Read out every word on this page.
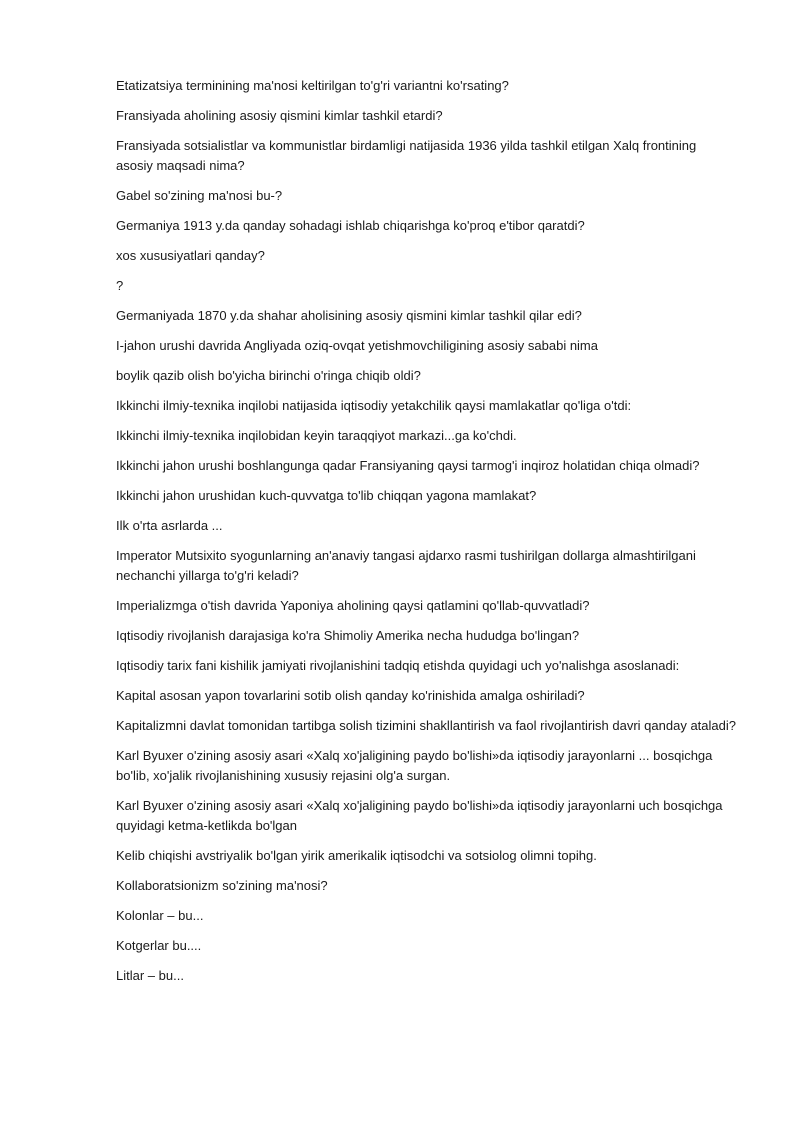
Etatizatsiya terminining ma'nosi keltirilgan to'g'ri variantni ko'rsating?

Fransiyada aholining asosiy qismini kimlar tashkil etardi?

Fransiyada sotsialistlar va kommunistlar birdamligi natijasida 1936 yilda tashkil etilgan Xalq frontining asosiy maqsadi nima?

Gabel so'zining ma'nosi bu-?

Germaniya 1913 y.da qanday sohadagi ishlab chiqarishga ko'proq e'tibor qaratdi?

xos xususiyatlari qanday?

?

Germaniyada 1870 y.da shahar aholisining asosiy qismini kimlar tashkil qilar edi?

I-jahon urushi davrida Angliyada oziq-ovqat yetishmovchiligining asosiy sababi nima

boylik qazib olish bo'yicha birinchi o'ringa chiqib oldi?

Ikkinchi ilmiy-texnika inqilobi natijasida iqtisodiy yetakchilik qaysi mamlakatlar qo'liga o'tdi:

Ikkinchi ilmiy-texnika inqilobidan keyin taraqqiyot markazi...ga ko'chdi.

Ikkinchi jahon urushi boshlangunga qadar Fransiyaning qaysi tarmog'i inqiroz holatidan chiqa olmadi?

Ikkinchi jahon urushidan kuch-quvvatga to'lib chiqqan yagona mamlakat?

Ilk o'rta asrlarda ...

Imperator Mutsixito syogunlarning an'anaviy tangasi ajdarxo rasmi tushirilgan dollarga almashtirilgani nechanchi yillarga to'g'ri keladi?

Imperializmga o'tish davrida Yaponiya aholining qaysi qatlamini qo'llab-quvvatladi?

Iqtisodiy rivojlanish darajasiga ko'ra Shimoliy Amerika necha hududga bo'lingan?

Iqtisodiy tarix fani kishilik jamiyati rivojlanishini tadqiq etishda quyidagi uch yo'nalishga asoslanadi:

Kapital asosan yapon tovarlarini sotib olish qanday ko'rinishida amalga oshiriladi?

Kapitalizmni davlat tomonidan tartibga solish tizimini shakllantirish va faol rivojlantirish davri qanday ataladi?

Karl Byuxer o'zining asosiy asari «Xalq xo'jaligining paydo bo'lishi»da iqtisodiy jarayonlarni ... bosqichga bo'lib, xo'jalik rivojlanishining xususiy rejasini olg'a surgan.

Karl Byuxer o'zining asosiy asari «Xalq xo'jaligining paydo bo'lishi»da iqtisodiy jarayonlarni uch bosqichga quyidagi ketma-ketlikda bo'lgan

Kelib chiqishi avstriyalik bo'lgan yirik amerikalik iqtisodchi va sotsiolog olimni topihg.

Kollaboratsionizm so'zining ma'nosi?

Kolonlar – bu...

Kotgerlar bu....

Litlar – bu...
